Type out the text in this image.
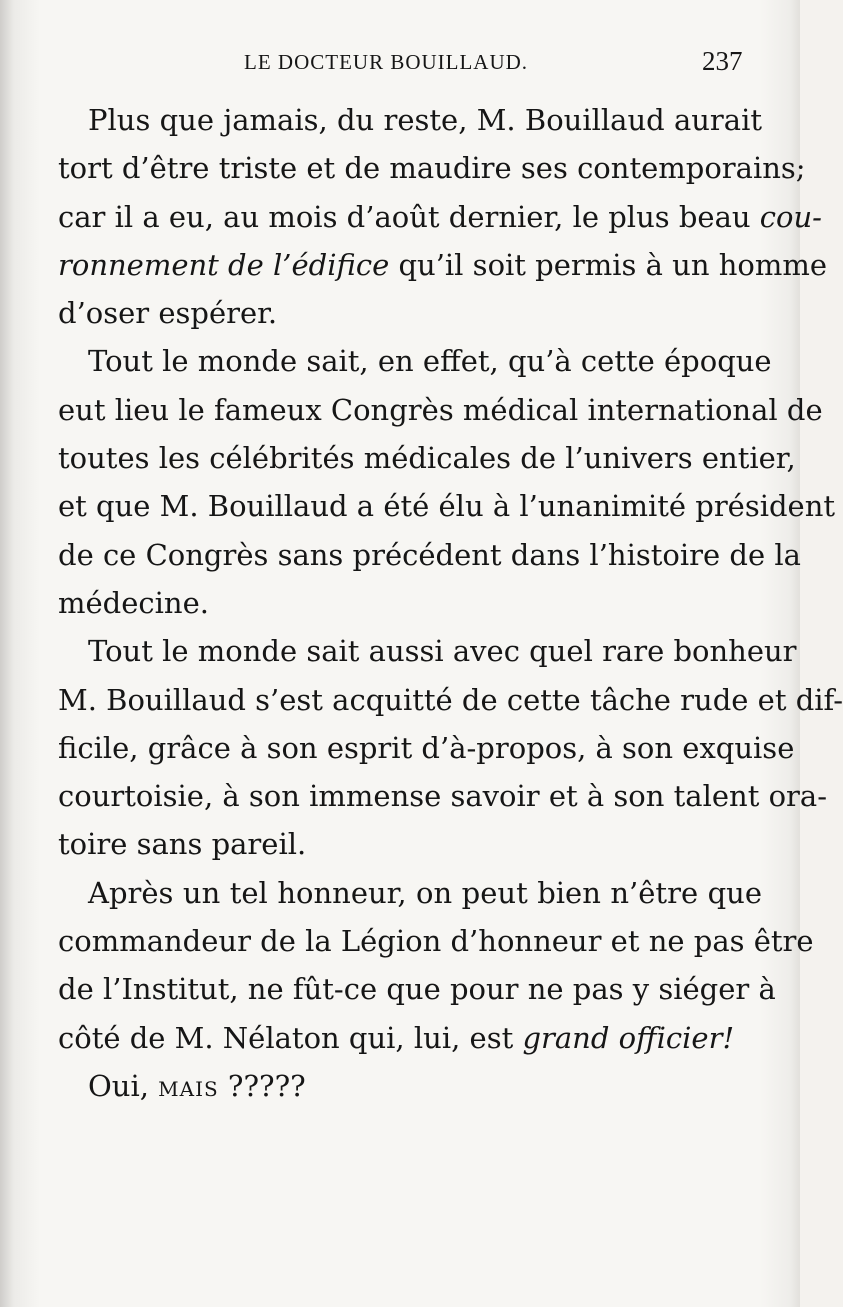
LE DOCTEUR BOUILLAUD.	237
Plus que jamais, du reste, M. Bouillaud aurait
tort d’être triste et de maudire ses contemporains;
car il a eu, au mois d’août dernier, le plus beau cou-
ronnement de l’édifice qu’il soit permis à un homme
d’oser espérer.
Tout le monde sait, en effet, qu’à cette époque
eut lieu le fameux Congrès médical international de
toutes les célébrités médicales de l’univers entier,
et que M. Bouillaud a été élu à l’unanimité président
de ce Congrès sans précédent dans l’histoire de la
médecine.
Tout le monde sait aussi avec quel rare bonheur
M. Bouillaud s’est acquitté de cette tâche rude et dif-
ficile, grâce à son esprit d’à-propos, à son exquise
courtoisie, à son immense savoir et à son talent ora-
toire sans pareil.
Après un tel honneur, on peut bien n’être que
commandeur de la Légion d’honneur et ne pas être
de l’Institut, ne fût-ce que pour ne pas y siéger à
côté de M. Nélaton qui, lui, est grand officier!
Oui, MAIS ?????
